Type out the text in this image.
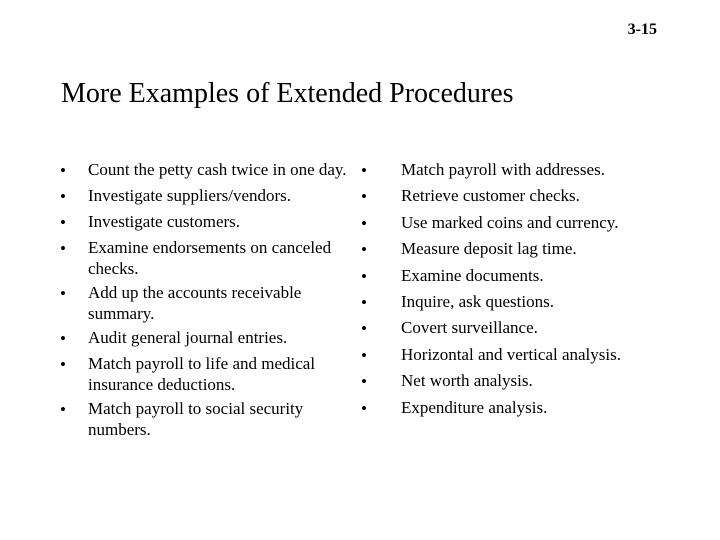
3-15
More Examples of Extended Procedures
•	Count the petty cash twice in one day.
•	Investigate suppliers/vendors.
•	Investigate customers.
•	Examine endorsements on canceled checks.
•	Add up the accounts receivable summary.
•	Audit general journal entries.
•	Match payroll to life and medical insurance deductions.
•	Match payroll to social security numbers.
•	Match payroll with addresses.
•	Retrieve customer checks.
•	Use marked coins and currency.
•	Measure deposit lag time.
•	Examine documents.
•	Inquire, ask questions.
•	Covert surveillance.
•	Horizontal and vertical analysis.
•	Net worth analysis.
•	Expenditure analysis.
